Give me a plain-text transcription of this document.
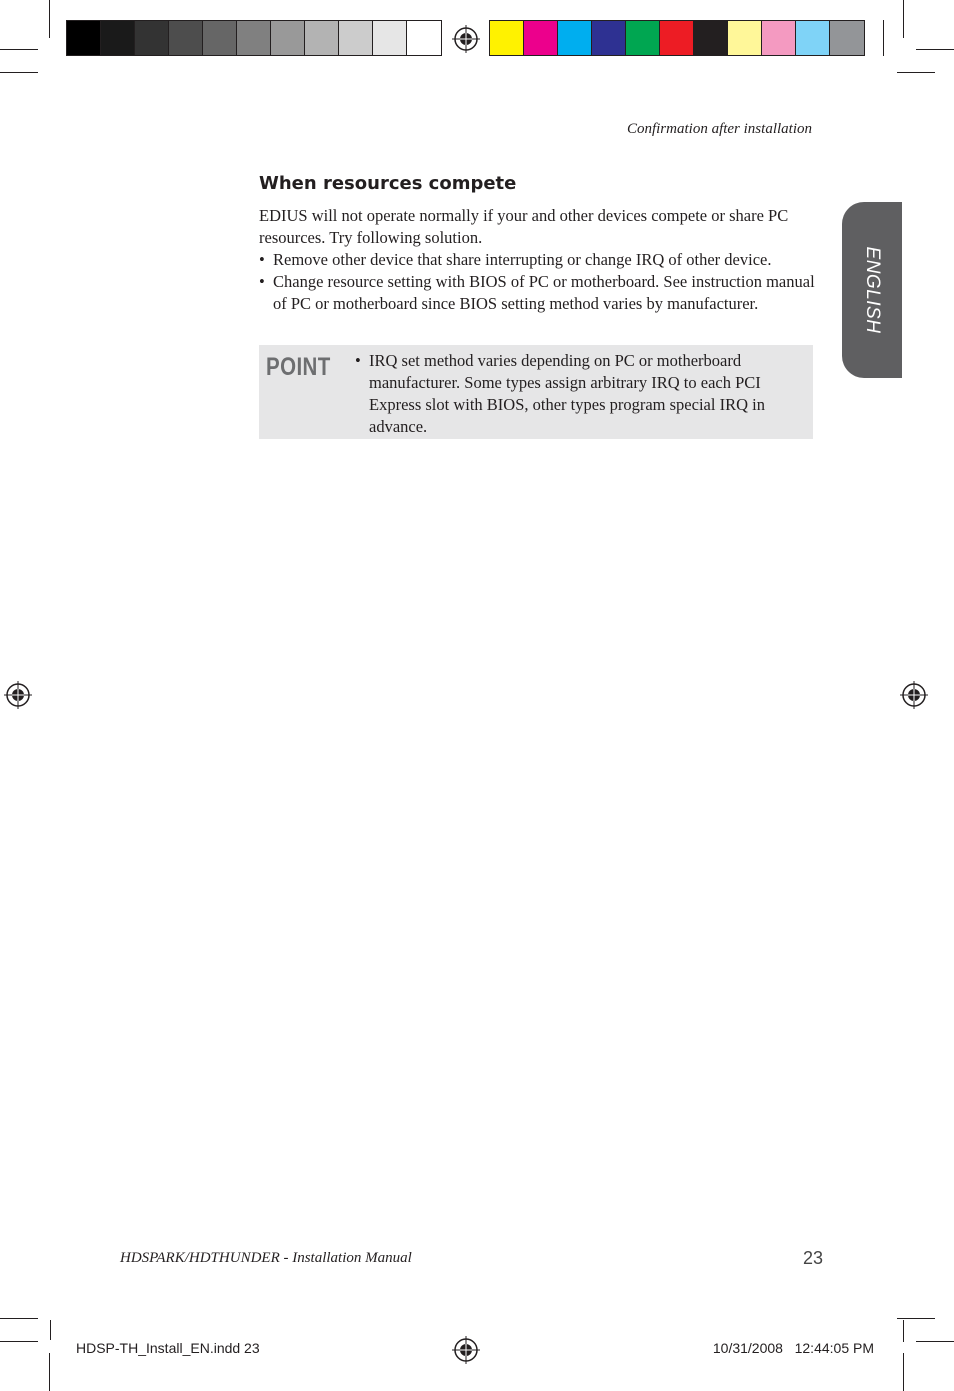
Confirmation after installation
ENGLISH
When resources compete

EDIUS will not operate normally if your and other devices compete or share PC resources. Try following solution.

• Remove other device that share interrupting or change IRQ of other device.
• Change resource setting with BIOS of PC or motherboard. See instruction manual of PC or motherboard since BIOS setting method varies by manufacturer.
POINT
•	IRQ set method varies depending on PC or motherboard manufacturer. Some types assign arbitrary IRQ to each PCI Express slot with BIOS, other types program special IRQ in advance.
HDSPARK/HDTHUNDER - Installation Manual	23
HDSP-TH_Install_EN.indd 23	10/31/2008   12:44:05 PM
